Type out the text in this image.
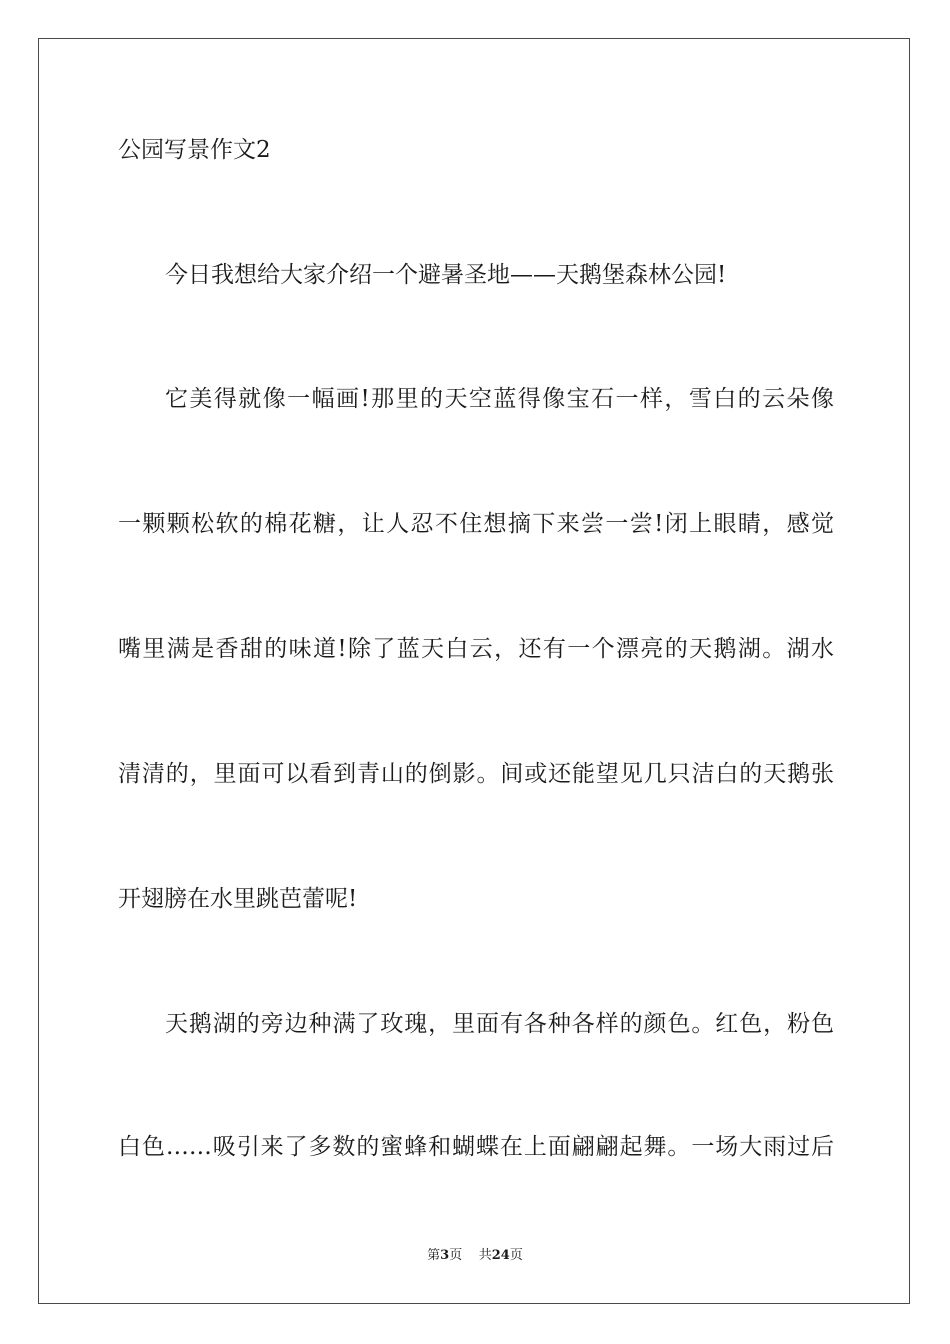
公园写景作文2
今日我想给大家介绍一个避暑圣地——天鹅堡森林公园!
它美得就像一幅画!那里的天空蓝得像宝石一样，雪白的云朵像
一颗颗松软的棉花糖，让人忍不住想摘下来尝一尝!闭上眼睛，感觉
嘴里满是香甜的味道!除了蓝天白云，还有一个漂亮的天鹅湖。湖水
清清的，里面可以看到青山的倒影。间或还能望见几只洁白的天鹅张
开翅膀在水里跳芭蕾呢!
天鹅湖的旁边种满了玫瑰，里面有各种各样的颜色。红色，粉色
白色……吸引来了多数的蜜蜂和蝴蝶在上面翩翩起舞。一场大雨过后
第3页 共24页
